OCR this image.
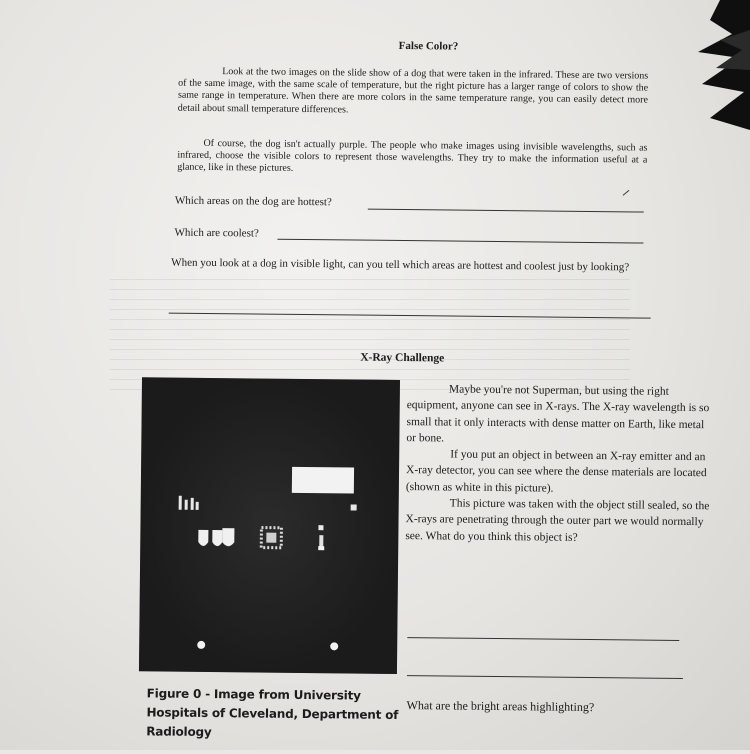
False Color?
Look at the two images on the slide show of a dog that were taken in the infrared. These are two versions of the same image, with the same scale of temperature, but the right picture has a larger range of colors to show the same range in temperature. When there are more colors in the same temperature range, you can easily detect more detail about small temperature differences.
Of course, the dog isn't actually purple. The people who make images using invisible wavelengths, such as infrared, choose the visible colors to represent those wavelengths. They try to make the information useful at a glance, like in these pictures.
Which areas on the dog are hottest?
Which are coolest?
When you look at a dog in visible light, can you tell which areas are hottest and coolest just by looking?
X-Ray Challenge
Figure 0 - Image from University Hospitals of Cleveland, Department of Radiology

Maybe you're not Superman, but using the right equipment, anyone can see in X-rays. The X-ray wavelength is so small that it only interacts with dense matter on Earth, like metal or bone.

If you put an object in between an X-ray emitter and an X-ray detector, you can see where the dense materials are located (shown as white in this picture).

This picture was taken with the object still sealed, so the X-rays are penetrating through the outer part we would normally see. What do you think this object is?

What are the bright areas highlighting?
